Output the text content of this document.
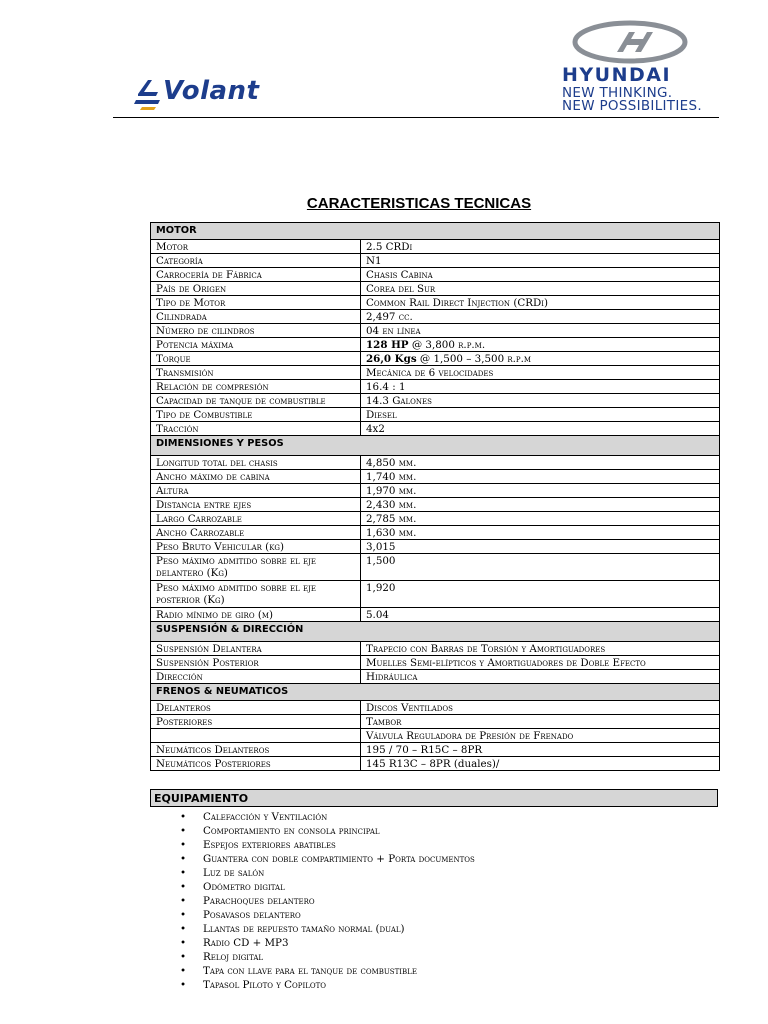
Volant
HYUNDAI
NEW THINKING.
NEW POSSIBILITIES.
CARACTERISTICAS TECNICAS
MOTOR	
Motor	2.5 CRDi
Categoría	N1
Carrocería de Fábrica	Chasis Cabina
País de Origen	Corea del Sur
Tipo de Motor	Common Rail Direct Injection (CRDi)
Cilindrada	2,497 cc.
Número de cilindros	04 en línea
Potencia máxima	128 HP @ 3,800 r.p.m.
Torque	26,0 Kgs @ 1,500 – 3,500 r.p.m
Transmisión	Mecánica de 6 velocidades
Relación de compresión	16.4 : 1
Capacidad de tanque de combustible	14.3 Galones
Tipo de Combustible	Diesel
Tracción	4x2
DIMENSIONES Y PESOS	
Longitud total del chasis	4,850 mm.
Ancho máximo de cabina	1,740 mm.
Altura	1,970 mm.
Distancia entre ejes	2,430 mm.
Largo Carrozable	2,785 mm.
Ancho Carrozable	1,630 mm.
Peso Bruto Vehicular (kg)	3,015
Peso máximo admitido sobre el eje delantero (Kg)	1,500
Peso máximo admitido sobre el eje posterior (Kg)	1,920
Radio mínimo de giro (m)	5.04
SUSPENSIÓN & DIRECCIÓN	
Suspensión Delantera	Trapecio con Barras de Torsión y Amortiguadores
Suspensión Posterior	Muelles Semi-elípticos y Amortiguadores de Doble Efecto
Dirección	Hidráulica
FRENOS & NEUMATICOS	
Delanteros	Discos Ventilados
Posteriores	Tambor
	Válvula Reguladora de Presión de Frenado
Neumáticos Delanteros	195 / 70 – R15C – 8PR
Neumáticos Posteriores	145 R13C – 8PR (duales)/
EQUIPAMIENTO
• Calefacción y Ventilación
• Comportamiento en consola principal
• Espejos exteriores abatibles
• Guantera con doble compartimiento + Porta documentos
• Luz de salón
• Odómetro digital
• Parachoques delantero
• Posavasos delantero
• Llantas de repuesto tamaño normal (dual)
• Radio CD + MP3
• Reloj digital
• Tapa con llave para el tanque de combustible
• Tapasol Piloto y Copiloto
